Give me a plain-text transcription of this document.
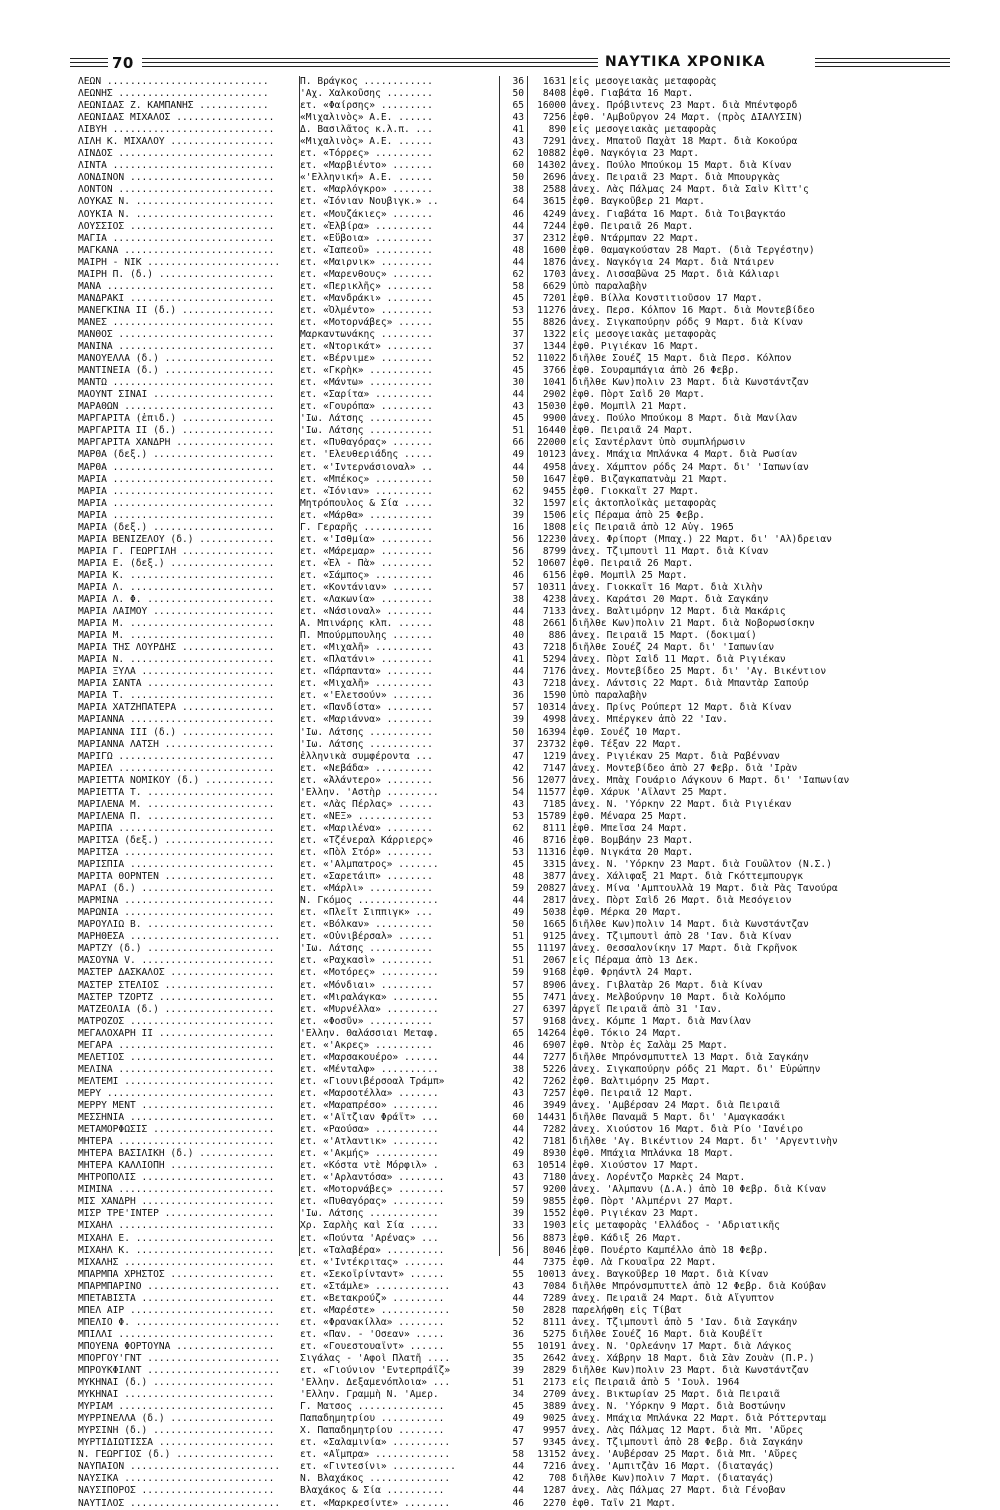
70	ΝΑΥΤΙΚΑ ΧΡΟΝΙΚΑ
ΛΕΩΝ ............................	Π. Βράγκος ............	36	1631 εἰς μεσογειακὰς μεταφορὰς
ΛΕΩΝΗΣ ..........................	'Αχ. Χαλκοῦσης ........	50	8408 ἐφθ. Γιαβάτα 16 Μαρτ.
ΛΕΩΝΙΔΑΣ Ζ. ΚΑΜΠΑΝΗΣ ............	ετ. «Φαίρσης» .........	65	16000 ἀνεχ. Πρόβιντενς 23 Μαρτ. διὰ Μπέντφορδ
ΛΕΩΝΙΔΑΣ ΜΙΧΑΛΟΣ .................	«Μιχαλινὸς» Α.Ε. ......	43	7256 ἐφθ. 'Αμβοῦργον 24 Μαρτ. (πρὸς ΔΙΑΛΥΣΙΝ)
ΛΙΒΥΗ ............................	Δ. Βασιλᾶτος κ.λ.π. ...	41	890 εἰς μεσογειακὰς μεταφορὰς
ΛΙΛΗ Κ. ΜΙΧΑΛΟΥ ..................	«Μιχαλινὸς» Α.Ε. ......	43	7291 ἀνεχ. Μπατοῦ Παχὰτ 18 Μαρτ. διὰ Κοκούρα
ΛΙΝΔΟΣ ...........................	ετ. «Τόρρες» ..........	62	10882 ἐφθ. Ναγκόγια 23 Μαρτ.
ΛΙΝΤΑ ............................	ετ. «Μαρβιέντο» .......	60	14302 ἀνεχ. Πούλο Μπούκομ 15 Μαρτ. διὰ Κίναν
ΛΟΝΔΙΝΟΝ .........................	«'Ελληνική» Α.Ε. ......	50	2696 ἀνεχ. Πειραιᾶ 23 Μαρτ. διὰ Μπουργκὰς
ΛΟΝΤΟΝ ...........................	ετ. «Μαρλόγκρο» .......	38	2588 ἀνεχ. Λὰς Πάλμας 24 Μαρτ. διὰ Σαὶν Κὶττ'ς
ΛΟΥΚΑΣ Ν. ........................	ετ. «Ἰόνιαν Νουβιγκ.» ..	64	3615 ἐφθ. Βαγκοῦβερ 21 Μαρτ.
ΛΟΥΚΙΑ Ν. ........................	ετ. «Μουζάκιες» .......	46	4249 ἀνεχ. Γιαβάτα 16 Μαρτ. διὰ Τοιβαγκτάο
ΛΟΥΣΣΙΟΣ .........................	ετ. «Ἐλβίρα» ..........	44	7244 ἐφθ. Πειραιᾶ 26 Μαρτ.
ΜΑΓΙΑ ............................	ετ. «Εὔβοια» ..........	37	2312 ἐφθ. Ντάρμπαν 22 Μαρτ.
ΜΑΓΚΑΝΑ ..........................	ετ. «Ἰαπεοῦ» ..........	48	1600 ἐφθ. Θαμαγκούσταν 28 Μαρτ. (διὰ Τεργέστην)
ΜΑΙΡΗ - ΝΙΚ .......................	ετ. «Μαιρνικ» .........	44	1876 ἀνεχ. Ναγκόγια 24 Μαρτ. διὰ Ντάιρεν
ΜΑΙΡΗ Π. (δ.) ....................	ετ. «Μαρενθους» .......	62	1703 ἀνεχ. Λισσαβῶνα 25 Μαρτ. διὰ Κάλιαρι
ΜΑΝΑ .............................	ετ. «Περικλῆς» ........	58	6629 ὑπὸ παραλαβὴν
ΜΑΝΔΡΑΚΙ .........................	ετ. «Μανδράκι» ........	45	7201 ἐφθ. Βίλλα Κονστιτιοῦσον 17 Μαρτ.
ΜΑΝΕΓΚΙΝΑ ΙΙ (δ.) ................	ετ. «Ὀλμέντο» .........	53	11276 ἀνεχ. Περσ. Κόλπον 16 Μαρτ. διὰ Μοντεβίδεο
ΜΑΝΕΣ ............................	ετ. «Μοτορνάβες» ......	55	8826 ἀνεχ. Σιγκαπούρην ρόδς 9 Μαρτ. διὰ Κίναν
ΜΑΝΘΟΣ ...........................	Μαρκαντωνάκης .........	37	1322 εἰς μεσογειακὰς μεταφορὰς
ΜΑΝΙΝΑ ...........................	ετ. «Ντορικάτ» ........	37	1344 ἐφθ. Ριγιέκαν 16 Μαρτ.
ΜΑΝΟΥΕΛΛΑ (δ.) ...................	ετ. «Βέρνιμε» .........	52	11022 διῆλθε Σουέζ 15 Μαρτ. διὰ Περσ. Κόλπον
ΜΑΝΤΙΝΕΙΑ (δ.) ...................	ετ. «Γκρὴκ» ...........	45	3766 ἐφθ. Σουραμπάγια ἀπὸ 26 Φεβρ.
ΜΑΝΤΩ ............................	ετ. «Μάντω» ...........	30	1041 διῆλθε Κων)πολιν 23 Μαρτ. διὰ Κωνστάντζαν
ΜΑΟΥΝΤ ΣΙΝΑΪ .....................	ετ. «Σαρίτα» ..........	44	2902 ἐφθ. Πὸρτ Σαὶδ 20 Μαρτ.
ΜΑΡΑΘΩΝ ..........................	ετ. «Γουρόπα» .........	43	15030 ἐφθ. Μομπὶλ 21 Μαρτ.
ΜΑΡΓΑΡΙΤΑ (ἐπιδ.) ................	'Ιω. Λάτσης ...........	45	9900 ἀνεχ. Πούλο Μπούκομ 8 Μαρτ. διὰ Μανίλαν
ΜΑΡΓΑΡΙΤΑ ΙΙ (δ.) ................	'Ιω. Λάτσης ...........	51	16440 ἐφθ. Πειραιᾶ 24 Μαρτ.
ΜΑΡΓΑΡΙΤΑ ΧΑΝΔΡΗ .................	ετ. «Πυθαγόρας» .......	66	22000 εἰς Σαντέρλαντ ὑπὸ συμπλήρωσιν
ΜΑΡΘΑ (δεξ.) .....................	ετ. 'Ελευθεριάδης .....	49	10123 ἀνεχ. Μπάχια Μπλάνκα 4 Μαρτ. διὰ Ρωσίαν
ΜΑΡΘΑ ............................	ετ. «'Ιντερνάσιοναλ» ..	44	4958 ἀνεχ. Χάμπτον ρόδς 24 Μαρτ. δι' 'Ιαπωνίαν
ΜΑΡΙΑ ............................	ετ. «Μπέκος» ..........	50	1647 ἐφθ. Βιζαγκαπατνὰμ 21 Μαρτ.
ΜΑΡΙΑ ............................	ετ. «Ἰόνιαν» ..........	62	9455 ἐφθ. Γιοκκαΐτ 27 Μαρτ.
ΜΑΡΙΑ ............................	Μητρόπουλος & Σία .....	32	1597 εἰς ἀκτοπλοϊκὰς μεταφορὰς
ΜΑΡΙΑ ............................	ετ. «Μάρθα» ...........	39	1506 εἰς Πέραμα ἀπὸ 25 Φεβρ.
ΜΑΡΙΑ (δεξ.) .....................	Γ. Γεραρῆς ............	16	1808 εἰς Πειραιᾶ ἀπὸ 12 Αὐγ. 1965
ΜΑΡΙΑ ΒΕΝΙΖΕΛΟΥ (δ.) .............	ετ. «'Ισθμία» .........	56	12230 ἀνεχ. Φρίπορτ (Μπαχ.) 22 Μαρτ. δι' 'Αλ)δρειαν
ΜΑΡΙΑ Γ. ΓΕΩΡΓΙΛΗ ................	ετ. «Μάρεμαρ» .........	56	8799 ἀνεχ. Τζιμπουτὶ 11 Μαρτ. διὰ Κίναν
ΜΑΡΙΑ Ε. (δεξ.) ..................	ετ. «Ἐλ - Πὰ» .........	52	10607 ἐφθ. Πειραιᾶ 26 Μαρτ.
ΜΑΡΙΑ Κ. .........................	ετ. «Σάμπος» ..........	46	6156 ἐφθ. Μομπὶλ 25 Μαρτ.
ΜΑΡΙΑ Λ. .........................	ετ. «Κοντάνιαν» .......	57	10311 ἀνεχ. Γιοκκαΐτ 16 Μαρτ. διὰ Χιλὴν
ΜΑΡΙΑ Λ. Φ. ......................	ετ. «Λακωνία» .........	38	4238 ἀνεχ. Καράτσι 20 Μαρτ. διὰ Σαγκάην
ΜΑΡΙΑ ΛΑΙΜΟΥ .....................	ετ. «Νάσιοναλ» ........	44	7133 ἀνεχ. Βαλτιμόρην 12 Μαρτ. διὰ Μακάρις
ΜΑΡΙΑ Μ. .........................	Α. Μπινάρης κλπ. ......	48	2661 διῆλθε Κων)πολιν 21 Μαρτ. διὰ Νοβορωσίσκην
ΜΑΡΙΑ Μ. .........................	Π. Μπούρμπουλης .......	40	886 ἀνεχ. Πειραιᾶ 15 Μαρτ. (δοκιμαί)
ΜΑΡΙΑ ΤΗΣ ΛΟΥΡΔΗΣ ................	ετ. «Μιχαλῆ» ..........	43	7218 διῆλθε Σουέζ 24 Μαρτ. δι' 'Ιαπωνίαν
ΜΑΡΙΑ Ν. .........................	ετ. «Πλατάνι» .........	41	5294 ἀνεχ. Πὸρτ Σαὶδ 11 Μαρτ. διὰ Ριγιέκαν
ΜΑΡΙΑ ΞΥΛΑ .......................	ετ. «Πάρπαντα» ........	44	7176 ἀνεχ. Μοντεβίδεο 25 Μαρτ. δι' 'Αγ. Βικέντιον
ΜΑΡΙΑ ΣΑΝΤΑ ......................	ετ. «Μιχαλῆ» ..........	43	7218 ἀνεχ. Λάντσις 22 Μαρτ. διὰ Μπαντὰρ Σαπούρ
ΜΑΡΙΑ Τ. .........................	ετ. «'Ελετσούν» .......	36	1590 ὑπὸ παραλαβὴν
ΜΑΡΙΑ ΧΑΤΖΗΠΑΤΕΡΑ ................	ετ. «Πανδίστα» ........	57	10314 ἀνεχ. Πρίνς Ρούπερτ 12 Μαρτ. διὰ Κίναν
ΜΑΡΙΑΝΝΑ .........................	ετ. «Μαριάννα» ........	39	4998 ἀνεχ. Μπέργκεν ἀπὸ 22 'Ιαν.
ΜΑΡΙΑΝΝΑ ΙΙΙ (δ.) ................	'Ιω. Λάτσης ...........	50	16394 ἐφθ. Σουέζ 10 Μαρτ.
ΜΑΡΙΑΝΝΑ ΛΑΤΣΗ ...................	'Ιω. Λάτσης ...........	37	23732 ἐφθ. Τέξαν 22 Μαρτ.
ΜΑΡΙΓΩ ...........................	ἑλληνικὰ συμφέροντα ...	47	1219 ἀνεχ. Ριγιέκαν 25 Μαρτ. διὰ Ραβένναν
ΜΑΡΙΕΛ ...........................	ετ. «Νεβάδα» ..........	42	7147 ἀνεχ. Μοντεβίδεο ἀπὸ 27 Φεβρ. διὰ 'Ιρὰν
ΜΑΡΙΕΤΤΑ ΝΟΜΙΚΟΥ (δ.) ............	ετ. «Ἀλάντερο» ........	56	12077 ἀνεχ. Μπὰχ Γουάριο Λάγκουν 6 Μαρτ. δι' 'Ιαπωνίαν
ΜΑΡΙΕΤΤΑ Τ. ......................	'Ελλην. 'Αστὴρ .........	54	11577 ἐφθ. Χάρυκ 'Αϊλαντ 25 Μαρτ.
ΜΑΡΙΛΕΝΑ Μ. ......................	ετ. «Λὰς Πέρλας» ......	43	7185 ἀνεχ. Ν. 'Υόρκην 22 Μαρτ. διὰ Ριγιέκαν
ΜΑΡΙΛΕΝΑ Π. ......................	ετ. «ΝΕΞ» .............	53	15789 ἐφθ. Μέναρα 25 Μαρτ.
ΜΑΡΙΠΑ ...........................	ετ. «Μαριλένα» ........	62	8111 ἐφθ. Μπεΐσα 24 Μαρτ.
ΜΑΡΙΤΣΑ (δεξ.) ...................	ετ. «Τζένεραλ Κάρριερς»	46	8716 ἐφθ. Βομβάην 23 Μαρτ.
ΜΑΡΙΤΣΑ ..........................	ετ. «Πὸλ Στόρ» ........	53	11316 ἐφθ. Νιγκάτα 20 Μαρτ.
ΜΑΡΙΣΠΙΑ .........................	ετ. «'Αλμπατρος» .......	45	3315 ἀνεχ. Ν. 'Υόρκην 23 Μαρτ. διὰ Γουῶλτον (Ν.Σ.)
ΜΑΡΙΤΑ ΘΟΡΝΤΕΝ ...................	ετ. «Σαρετάιπ» ........	48	3877 ἀνεχ. Χάλιφαξ 21 Μαρτ. διὰ Γκόττεμπουργκ
ΜΑΡΛΙ (δ.) .......................	ετ. «Μάρλι» ...........	59	20827 ἀνεχ. Μίνα 'Αμπτουλλὰ 19 Μαρτ. διὰ Ρὰς Τανούρα
ΜΑΡΜΙΝΑ ..........................	Ν. Γκόμος ..............	44	2817 ἀνεχ. Πὸρτ Σαὶδ 26 Μαρτ. διὰ Μεσόγειον
ΜΑΡΩΝΙΑ ..........................	ετ. «Πλεῖτ Σιππιγκ» ...	49	5038 ἐφθ. Μέρκα 20 Μαρτ.
ΜΑΡΟΥΛΙΩ Β. ......................	ετ. «Βόλκαν» ..........	50	1665 διῆλθε Κων)πολιν 14 Μαρτ. διὰ Κωνστάντζαν
ΜΑΡΗΘΕΣΑ ..........................	ετ. «Οὐνιβέρσαλ» ......	51	9125 ἀνεχ. Τζιμπουτὶ ἀπὸ 28 'Ιαν. διὰ Κίναν
ΜΑΡΤΖΥ (δ.) ......................	'Ιω. Λάτσης ...........	55	11197 ἀνεχ. Θεσσαλονίκην 17 Μαρτ. διὰ Γκρῆνοκ
ΜΑΣΟΥΝΑ V. .......................	ετ. «Ραχκασὶ» .........	51	2067 εἰς Πέραμα ἀπὸ 13 Δεκ.
ΜΑΣΤΕΡ ΔΑΣΚΑΛΟΣ ..................	ετ. «Μοτόρες» ..........	59	9168 ἐφθ. Φρηάντλ 24 Μαρτ.
ΜΑΣΤΕΡ ΣΤΕΛΙΟΣ ...................	ετ. «Μόνδιαι» .........	57	8906 ἀνεχ. Γιβλατὰρ 26 Μαρτ. διὰ Κίναν
ΜΑΣΤΕΡ ΤΖΟΡΤΖ ....................	ετ. «Μιραλάγκα» ........	55	7471 ἀνεχ. Μελβούρνην 10 Μαρτ. διὰ Κολόμπο
ΜΑΤΖΕΟΛΙΑ (δ.) ...................	ετ. «Μυρνέλλα» .........	27	6397 ἀργεῖ Πειραιᾶ ἀπὸ 31 'Ιαν.
ΜΑΤΡΟΖΟΣ .........................	ετ. «Φοσῦν» ...........	57	9168 ἀνεχ. Κόμπε 1 Μαρτ. διὰ Μανίλαν
ΜΕΓΑΛΟΧΑΡΗ ΙΙ ....................	'Ελλην. Θαλάσσιαι Μεταφ.	65	14264 ἐφθ. Τόκιο 24 Μαρτ.
ΜΕΓΑΡΑ ...........................	ετ. «'Ακρες» ..........	46	6907 ἐφθ. Ντὸρ ἐς Σαλὰμ 25 Μαρτ.
ΜΕΛΕΤΙΟΣ .........................	ετ. «Μαρσακουέρο» ......	44	7277 διῆλθε Μπρόνσμπυττελ 13 Μαρτ. διὰ Σαγκάην
ΜΕΛΙΝΑ ...........................	ετ. «Μένταλφ» ..........	38	5226 ἀνεχ. Σιγκαπούρην ρόδς 21 Μαρτ. δι' Εὐρώπην
ΜΕΛΤΕΜΙ ..........................	ετ. «Γιουνιβέρσοαλ Τράμπ»	42	7262 ἐφθ. Βαλτιμόρην 25 Μαρτ.
ΜΕΡΥ .............................	ετ. «Μαρσοτέλλα» .......	43	7257 ἐφθ. Πειραιᾶ 12 Μαρτ.
ΜΕΡΡΥ ΜΕΝΤ .......................	ετ. «Μαραπρέσο» ........	46	3949 ἀνεχ. 'Αμβέρσαν 24 Μαρτ. διὰ Πειραιᾶ
ΜΕΣΣΗΝΙΑ .........................	ετ. «'Αϊτζιαν Φράϊτ» ...	60	14431 διῆλθε Παναμᾶ 5 Μαρτ. δι' 'Αμαγκασάκι
ΜΕΤΑΜΟΡΦΩΣΙΣ .....................	ετ. «Ραούσα» ...........	44	7282 ἀνεχ. Χιούστον 16 Μαρτ. διὰ Ρίο 'Ιανέιρο
ΜΗΤΕΡΑ ...........................	ετ. «'Ατλαντικ» ........	42	7181 διῆλθε 'Αγ. Βικέντιον 24 Μαρτ. δι' 'Αργεντινὴν
ΜΗΤΕΡΑ ΒΑΣΙΛΙΚΗ (δ.) .............	ετ. «'Ακμής» ...........	49	8930 ἐφθ. Μπάχια Μπλάνκα 18 Μαρτ.
ΜΗΤΕΡΑ ΚΑΛΛΙΟΠΗ ..................	ετ. «Κόστα ντὲ Μόρφιλ» .	63	10514 ἐφθ. Χιούστον 17 Μαρτ.
ΜΗΤΡΟΠΟΛΙΣ .......................	ετ. «'Αρλαντόσα» ........	43	7180 ἀνεχ. Λορέντζο Μαρκὲς 24 Μαρτ.
ΜΙΜΙΝΑ ...........................	ετ. «Μοτορνάβες» ........	57	9200 ἀνεχ. 'Αλμπανυ (Δ.Α.) ἀπὸ 10 Φεβρ. διὰ Κίναν
ΜΙΣ ΧΑΝΔΡΗ .......................	ετ. «Πυθαγόρας» .........	59	9855 ἐφθ. Πὸρτ 'Αλμπέρνι 27 Μαρτ.
ΜΙΣΡ ΤΡΕ'ΙΝΤΕΡ ...................	'Ιω. Λάτσης ............	39	1552 ἐφθ. Ριγιέκαν 23 Μαρτ.
ΜΙΧΑΗΛ ...........................	Χρ. Σαρλὴς καὶ Σία .....	33	1903 εἰς μεταφορὰς 'Ελλάδος - 'Αδριατικῆς
ΜΙΧΑΗΛ Ε. ........................	ετ. «Πούντα 'Αρένας» ...	56	8873 ἐφθ. Κάδιξ 26 Μαρτ.
ΜΙΧΑΗΛ Κ. ........................	ετ. «Ταλαβέρα» ..........	56	8046 ἐφθ. Πουέρτο Καμπέλλο ἀπὸ 18 Φεβρ.
ΜΙΧΑΛΗΣ ..........................	ετ. «'Ιντέκριτας» .......	44	7375 ἐφθ. Λὰ Γκουαΐρα 22 Μαρτ.
ΜΠΑΡΜΠΑ ΧΡΗΣΤΟΣ ..................	ετ. «Σεκοϊρίνταντ» ......	55	10013 ἀνεχ. Βαγκοῦβερ 10 Μαρτ. διὰ Κίναν
ΜΠΑΡΜΠΑΡΙΝΟ .......................	ετ. «Στάμλε» .............	43	7084 διῆλθε Μπρόνσμπυττελ ἀπὸ 12 Φεβρ. διὰ Κούβαν
ΜΠΕΤΑΒΙΣΤΑ .......................	ετ. «Βετακρούζ» .........	44	7289 ἀνεχ. Πειραιᾶ 24 Μαρτ. διὰ Αἴγυπτον
ΜΠΕΛ ΑΙΡ .........................	ετ. «Μαρέστε» ............	50	2828 παρελήφθη εἰς Τίβατ
ΜΠΕΛΙΟ Φ. .........................	ετ. «Φρανακίλλα» ........	52	8111 ἀνεχ. Τζιμπουτὶ ἀπὸ 5 'Ιαν. διὰ Σαγκάην
ΜΠΙΛΛΙ ...........................	ετ. «Παν. - 'Οσεαν» .....	36	5275 διῆλθε Σουέζ 16 Μαρτ. διὰ Κουβέϊτ
ΜΠΟΥΕΝΑ ΦΟΡΤΟΥΝΑ .................	ετ. «Γουεστουαϊντ» ......	55	10191 ἀνεχ. Ν. 'Ορλεάνην 17 Μαρτ. διὰ Λάγκος
ΜΠΟΡΓΟΥ'ΓΝΤ .......................	Σιγάλας - 'Αφοὶ Πλατῆ ....	35	2642 ἀνεχ. Χάβρην 18 Μαρτ. διὰ Σὰν Ζουὰν (Π.Ρ.)
ΜΠΡΟΥΚΦΙΛΝΤ .......................	ετ. «Γιούνιον 'Εντερπράϊζ»	39	2829 διῆλθε Κων)πολιν 23 Μαρτ. διὰ Κωνστάντζαν
ΜΥΚΗΝΑΙ (δ.) .....................	'Ελλην. Δεξαμενόπλοια» ...	51	2173 εἰς Πειραιᾶ ἀπὸ 5 'Ιουλ. 1964
ΜΥΚΗΝΑΙ ..........................	'Ελλην. Γραμμὴ Ν. 'Αμερ.	34	2709 ἀνεχ. Βικτωρίαν 25 Μαρτ. διὰ Πειραιᾶ
ΜΥΡΙΑΜ ...........................	Γ. Ματσος ...............	45	3889 ἀνεχ. Ν. 'Υόρκην 9 Μαρτ. διὰ Βοστώνην
ΜΥΡΡΙΝΕΛΛΑ (δ.) ..................	Παπαδημητρίου ...........	49	9025 ἀνεχ. Μπάχια Μπλάνκα 22 Μαρτ. διὰ Ρόττερνταμ
ΜΥΡΣΙΝΗ (δ.) .....................	Χ. Παπαδημητρίου ........	47	9957 ἀνεχ. Λὰς Πάλμας 12 Μαρτ. διὰ Μπ. 'Αὔρες
ΜΥΡΤΙΔΙΩΤΙΣΣΑ ....................	ετ. «Σαλαμινία» ..........	57	9345 ἀνεχ. Τζιμπουτὶ ἀπὸ 28 Φεβρ. διὰ Σαγκάην
Ν. ΓΕΩΡΓΙΟΣ (δ.) .................	ετ. «Αἴμπρα» .............	58	13152 ἀνεχ. 'Αυβέρσαν 25 Μαρτ. διὰ Μπ. 'Αὔρες
ΝΑΥΠΑΙΟΝ ..........................	ετ. «Γιντεσίνι» ...........	44	7216 ἀνεχ. 'Αμπιτζὰν 16 Μαρτ. (διαταγάς)
ΝΑΥΣΙΚΑ ..........................	Ν. Βλαχάκος ..............	42	708 διῆλθε Κων)πολιν 7 Μαρτ. (διαταγάς)
ΝΑΥΣΙΠΟΡΟΣ .......................	Βλαχάκος & Σία ..........	44	1287 ἀνεχ. Λὰς Πάλμας 27 Μαρτ. διὰ Γένοβαν
ΝΑΥΤΙΛΟΣ ..........................	ετ. «Μαρκρεσίντε» ........	46	2270 ἐφθ. Ταῒν 21 Μαρτ.
